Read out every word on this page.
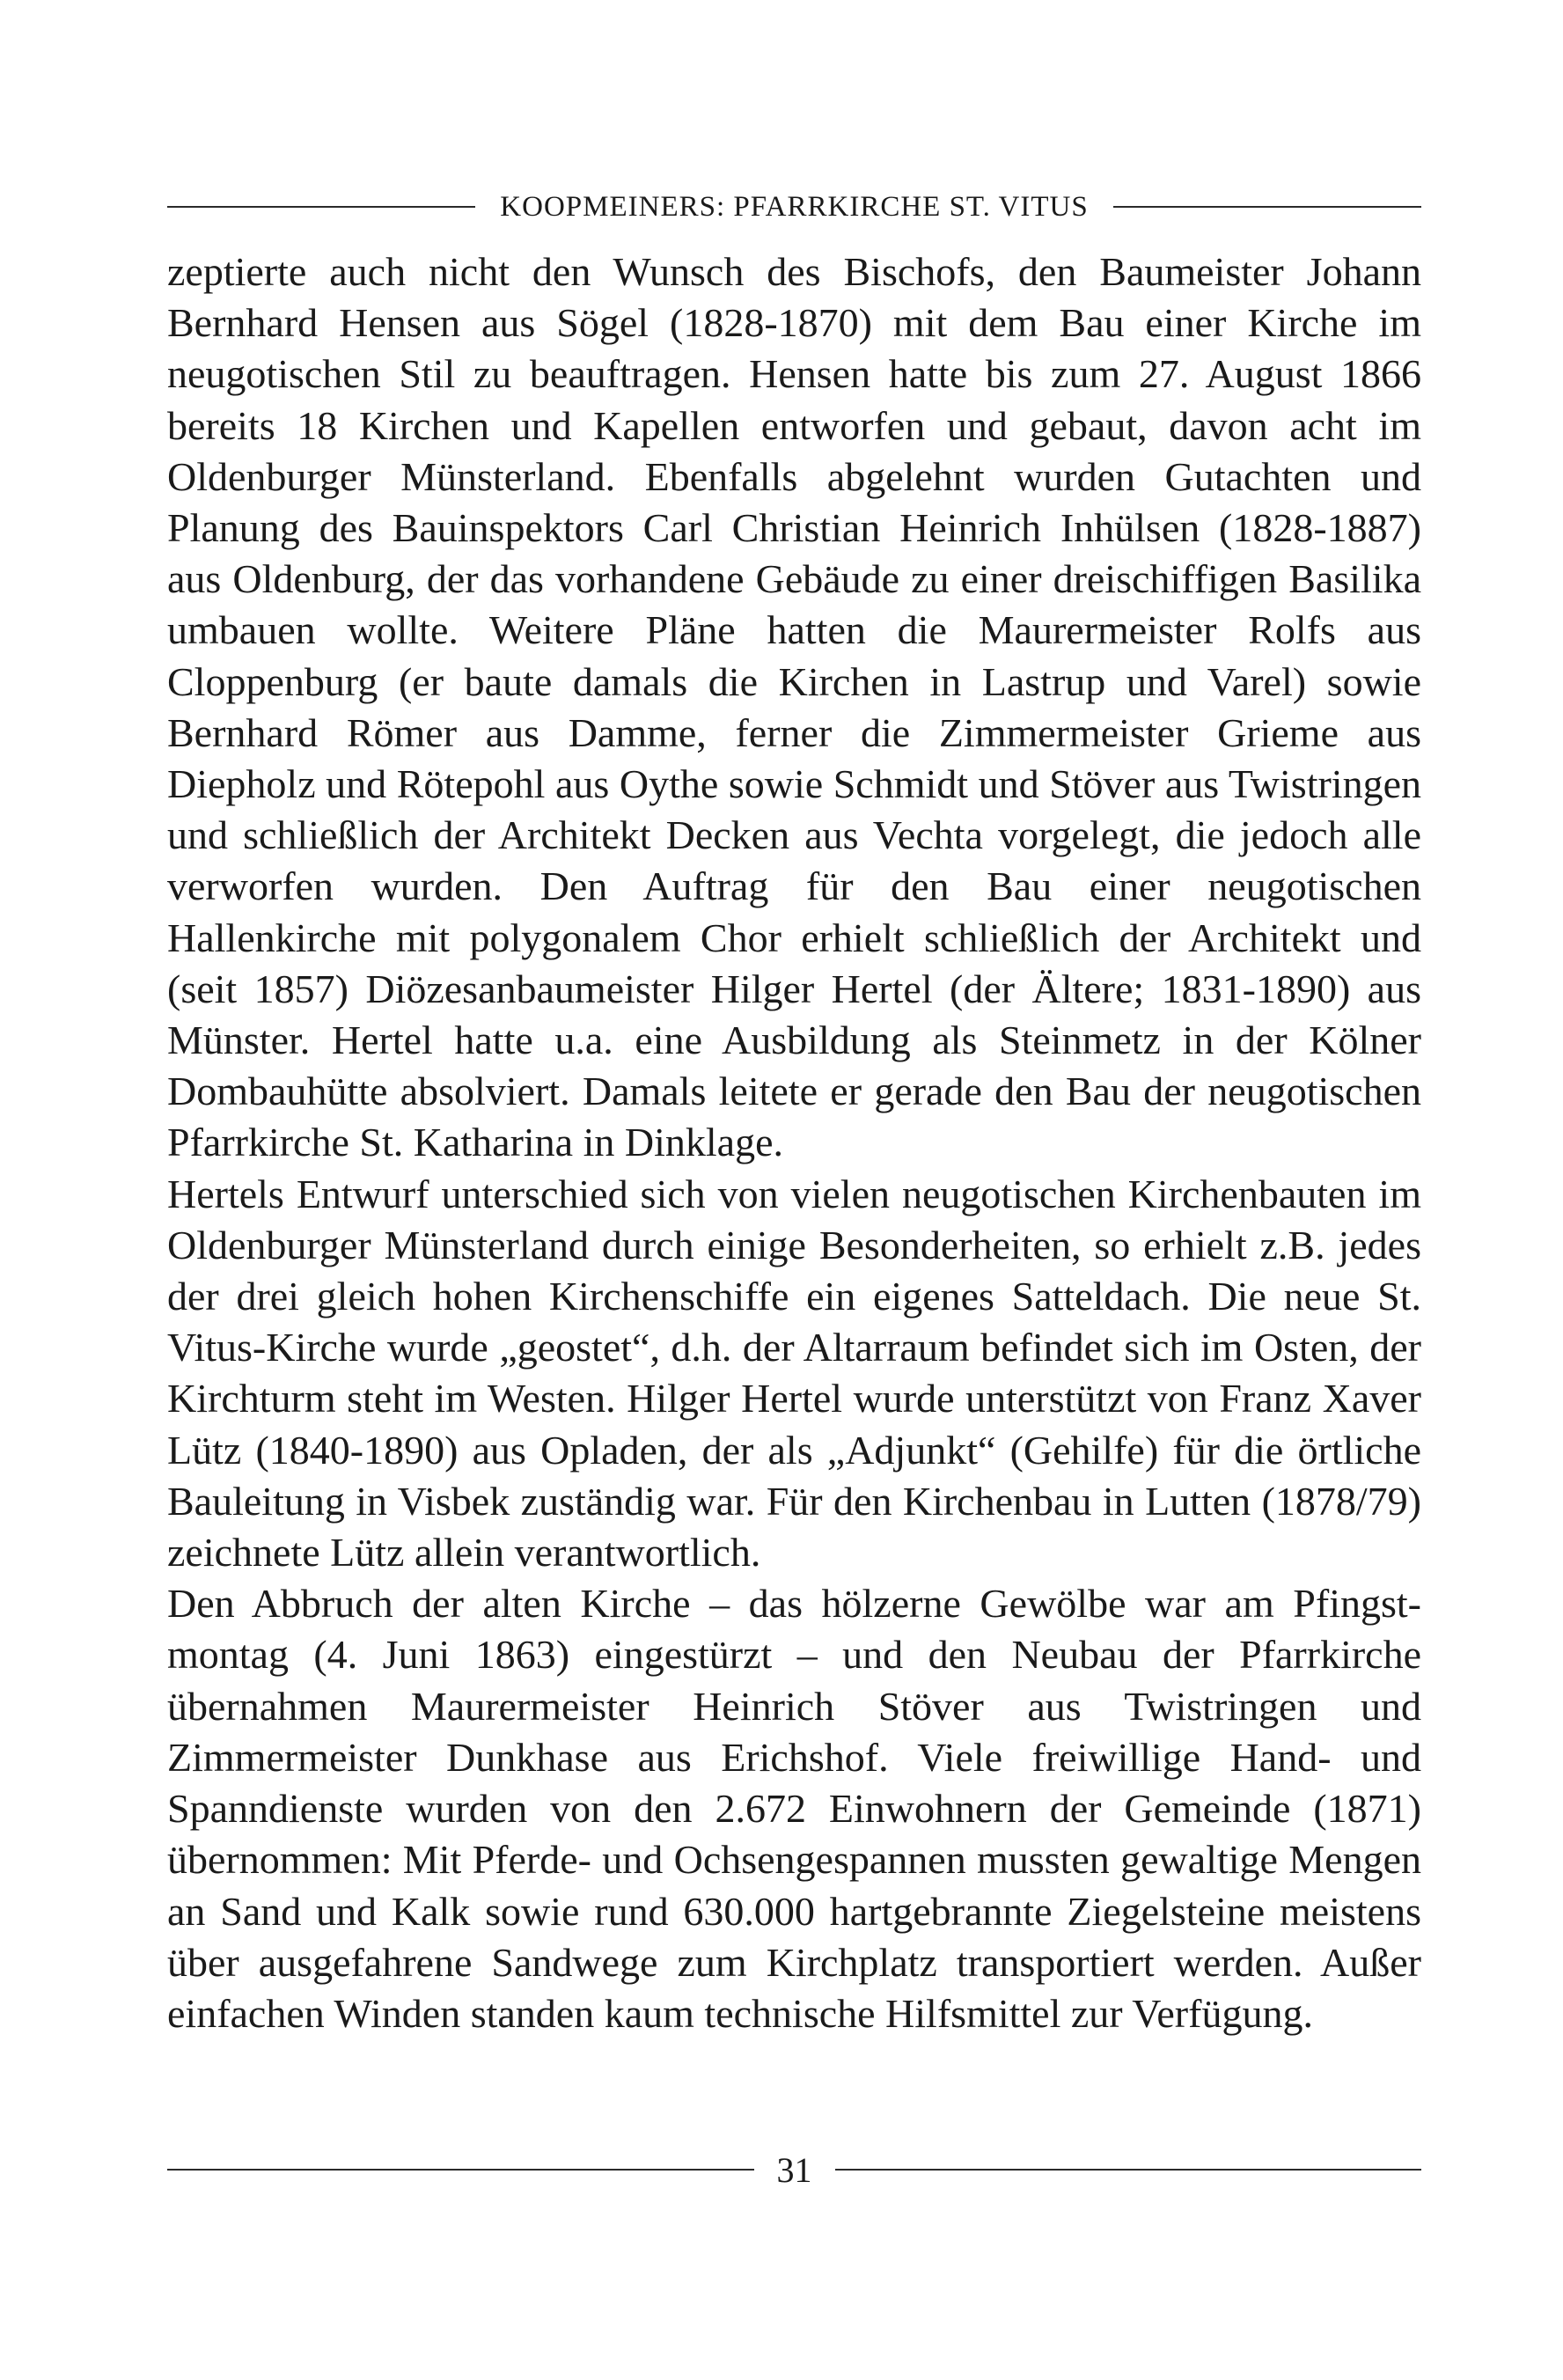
KOOPMEINERS: PFARRKIRCHE ST. VITUS

zeptierte auch nicht den Wunsch des Bischofs, den Baumeister Johann Bernhard Hensen aus Sögel (1828-1870) mit dem Bau einer Kirche im neugotischen Stil zu beauftragen. Hensen hatte bis zum 27. August 1866 bereits 18 Kirchen und Kapellen entworfen und gebaut, davon acht im Oldenburger Münsterland. Ebenfalls abgelehnt wurden Gutachten und Planung des Bauinspektors Carl Christian Heinrich Inhülsen (1828-1887) aus Oldenburg, der das vorhandene Gebäude zu einer dreischiffigen Basilika umbauen wollte. Weitere Pläne hatten die Maurermeister Rolfs aus Cloppenburg (er baute damals die Kirchen in Lastrup und Varel) sowie Bernhard Römer aus Damme, ferner die Zimmermeister Grieme aus Diepholz und Rötepohl aus Oythe sowie Schmidt und Stöver aus Twistringen und schließlich der Architekt Decken aus Vechta vorgelegt, die jedoch alle verworfen wurden. Den Auftrag für den Bau einer neugotischen Hallenkirche mit polygonalem Chor erhielt schließlich der Architekt und (seit 1857) Diözesanbaumeister Hilger Hertel (der Ältere; 1831-1890) aus Münster. Hertel hatte u.a. eine Ausbildung als Steinmetz in der Kölner Dombauhütte absolviert. Damals leitete er gerade den Bau der neugotischen Pfarrkirche St. Katharina in Dinklage.

Hertels Entwurf unterschied sich von vielen neugotischen Kirchenbauten im Oldenburger Münsterland durch einige Besonderheiten, so erhielt z.B. jedes der drei gleich hohen Kirchenschiffe ein eigenes Satteldach. Die neue St. Vitus-Kirche wurde „geostet“, d.h. der Altarraum befindet sich im Osten, der Kirchturm steht im Westen. Hilger Hertel wurde unterstützt von Franz Xaver Lütz (1840-1890) aus Opladen, der als „Adjunkt“ (Gehilfe) für die örtliche Bauleitung in Visbek zuständig war. Für den Kirchenbau in Lutten (1878/79) zeichnete Lütz allein verantwortlich.

Den Abbruch der alten Kirche – das hölzerne Gewölbe war am Pfingstmontag (4. Juni 1863) eingestürzt – und den Neubau der Pfarrkirche übernahmen Maurermeister Heinrich Stöver aus Twistringen und Zimmermeister Dunkhase aus Erichshof. Viele freiwillige Hand- und Spanndienste wurden von den 2.672 Einwohnern der Gemeinde (1871) übernommen: Mit Pferde- und Ochsengespannen mussten gewaltige Mengen an Sand und Kalk sowie rund 630.000 hartgebrannte Ziegelsteine meistens über ausgefahrene Sandwege zum Kirchplatz transportiert werden. Außer einfachen Winden standen kaum technische Hilfsmittel zur Verfügung.

31
